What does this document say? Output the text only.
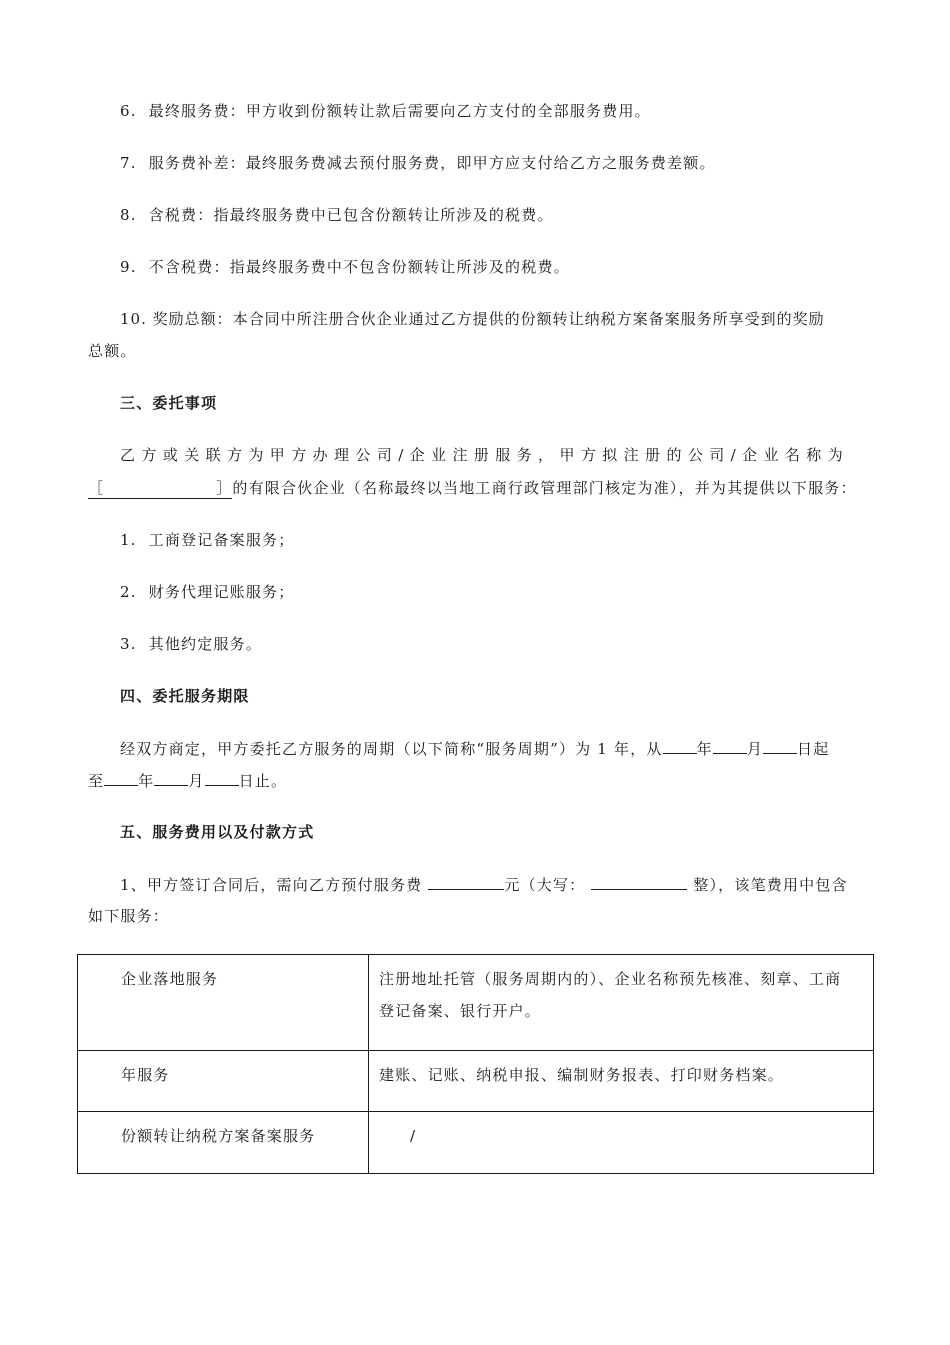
6. 最终服务费：甲方收到份额转让款后需要向乙方支付的全部服务费用。
7. 服务费补差：最终服务费减去预付服务费，即甲方应支付给乙方之服务费差额。
8. 含税费：指最终服务费中已包含份额转让所涉及的税费。
9. 不含税费：指最终服务费中不包含份额转让所涉及的税费。
10. 奖励总额：本合同中所注册合伙企业通过乙方提供的份额转让纳税方案备案服务所享受到的奖励
总额。
三、委托事项
乙方或关联方为甲方办理公司/企业注册服务，甲方拟注册的公司/企业名称为
［	］的有限合伙企业（名称最终以当地工商行政管理部门核定为准），并为其提供以下服务：
1. 工商登记备案服务；
2. 财务代理记账服务；
3. 其他约定服务。
四、委托服务期限
经双方商定，甲方委托乙方服务的周期（以下简称“服务周期”）为 1 年，从 年 月 日起
至 年 月 日止。
五、服务费用以及付款方式
1、甲方签订合同后，需向乙方预付服务费	元（大写：	整），该笔费用中包含
如下服务：
企业落地服务	注册地址托管（服务周期内的）、企业名称预先核准、刻章、工商
登记备案、银行开户。

年服务	建账、记账、纳税申报、编制财务报表、打印财务档案。
份额转让纳税方案备案服务	/
